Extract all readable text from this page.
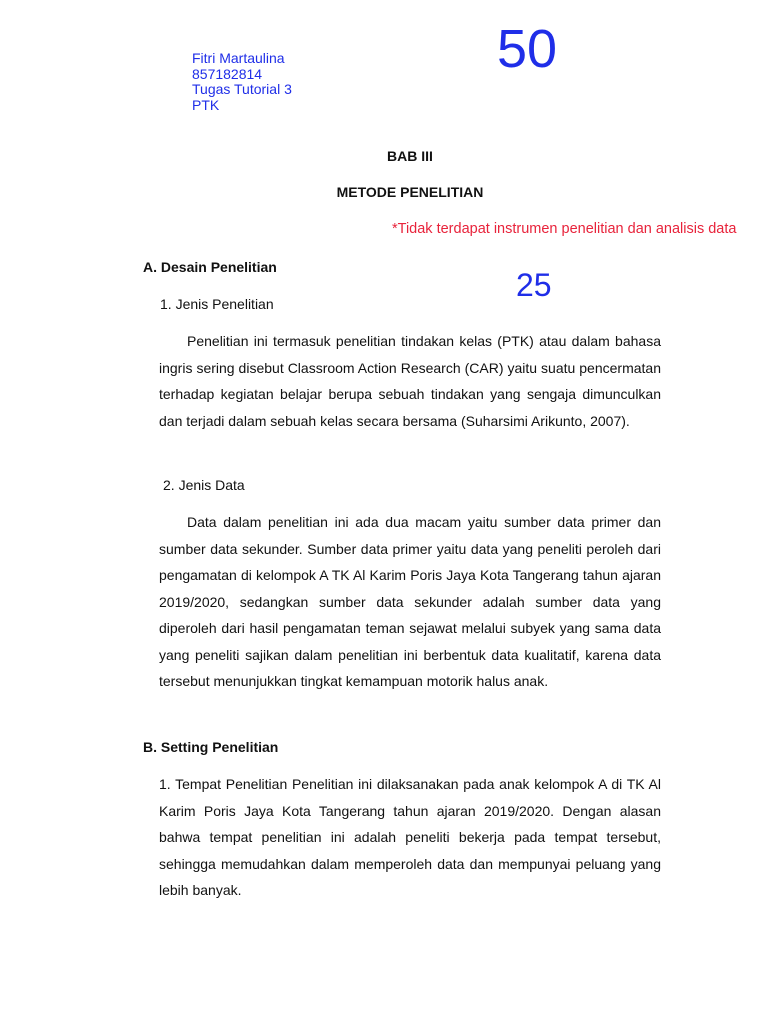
Fitri Martaulina
857182814
Tugas Tutorial 3
PTK
50
BAB III
METODE PENELITIAN
*Tidak terdapat instrumen penelitian dan analisis data
A. Desain Penelitian	25
1. Jenis Penelitian

Penelitian ini termasuk penelitian tindakan kelas (PTK) atau dalam bahasa ingris sering disebut Classroom Action Research (CAR) yaitu suatu pencermatan terhadap kegiatan belajar berupa sebuah tindakan yang sengaja dimunculkan dan terjadi dalam sebuah kelas secara bersama (Suharsimi Arikunto, 2007).

2. Jenis Data

Data dalam penelitian ini ada dua macam yaitu sumber data primer dan sumber data sekunder. Sumber data primer yaitu data yang peneliti peroleh dari pengamatan di kelompok A TK Al Karim Poris Jaya Kota Tangerang tahun ajaran 2019/2020, sedangkan sumber data sekunder adalah sumber data yang diperoleh dari hasil pengamatan teman sejawat melalui subyek yang sama data yang peneliti sajikan dalam penelitian ini berbentuk data kualitatif, karena data tersebut menunjukkan tingkat kemampuan motorik halus anak.

B. Setting Penelitian

1. Tempat Penelitian Penelitian ini dilaksanakan pada anak kelompok A di TK Al Karim Poris Jaya Kota Tangerang tahun ajaran 2019/2020. Dengan alasan bahwa tempat penelitian ini adalah peneliti bekerja pada tempat tersebut, sehingga memudahkan dalam memperoleh data dan mempunyai peluang yang lebih banyak.
